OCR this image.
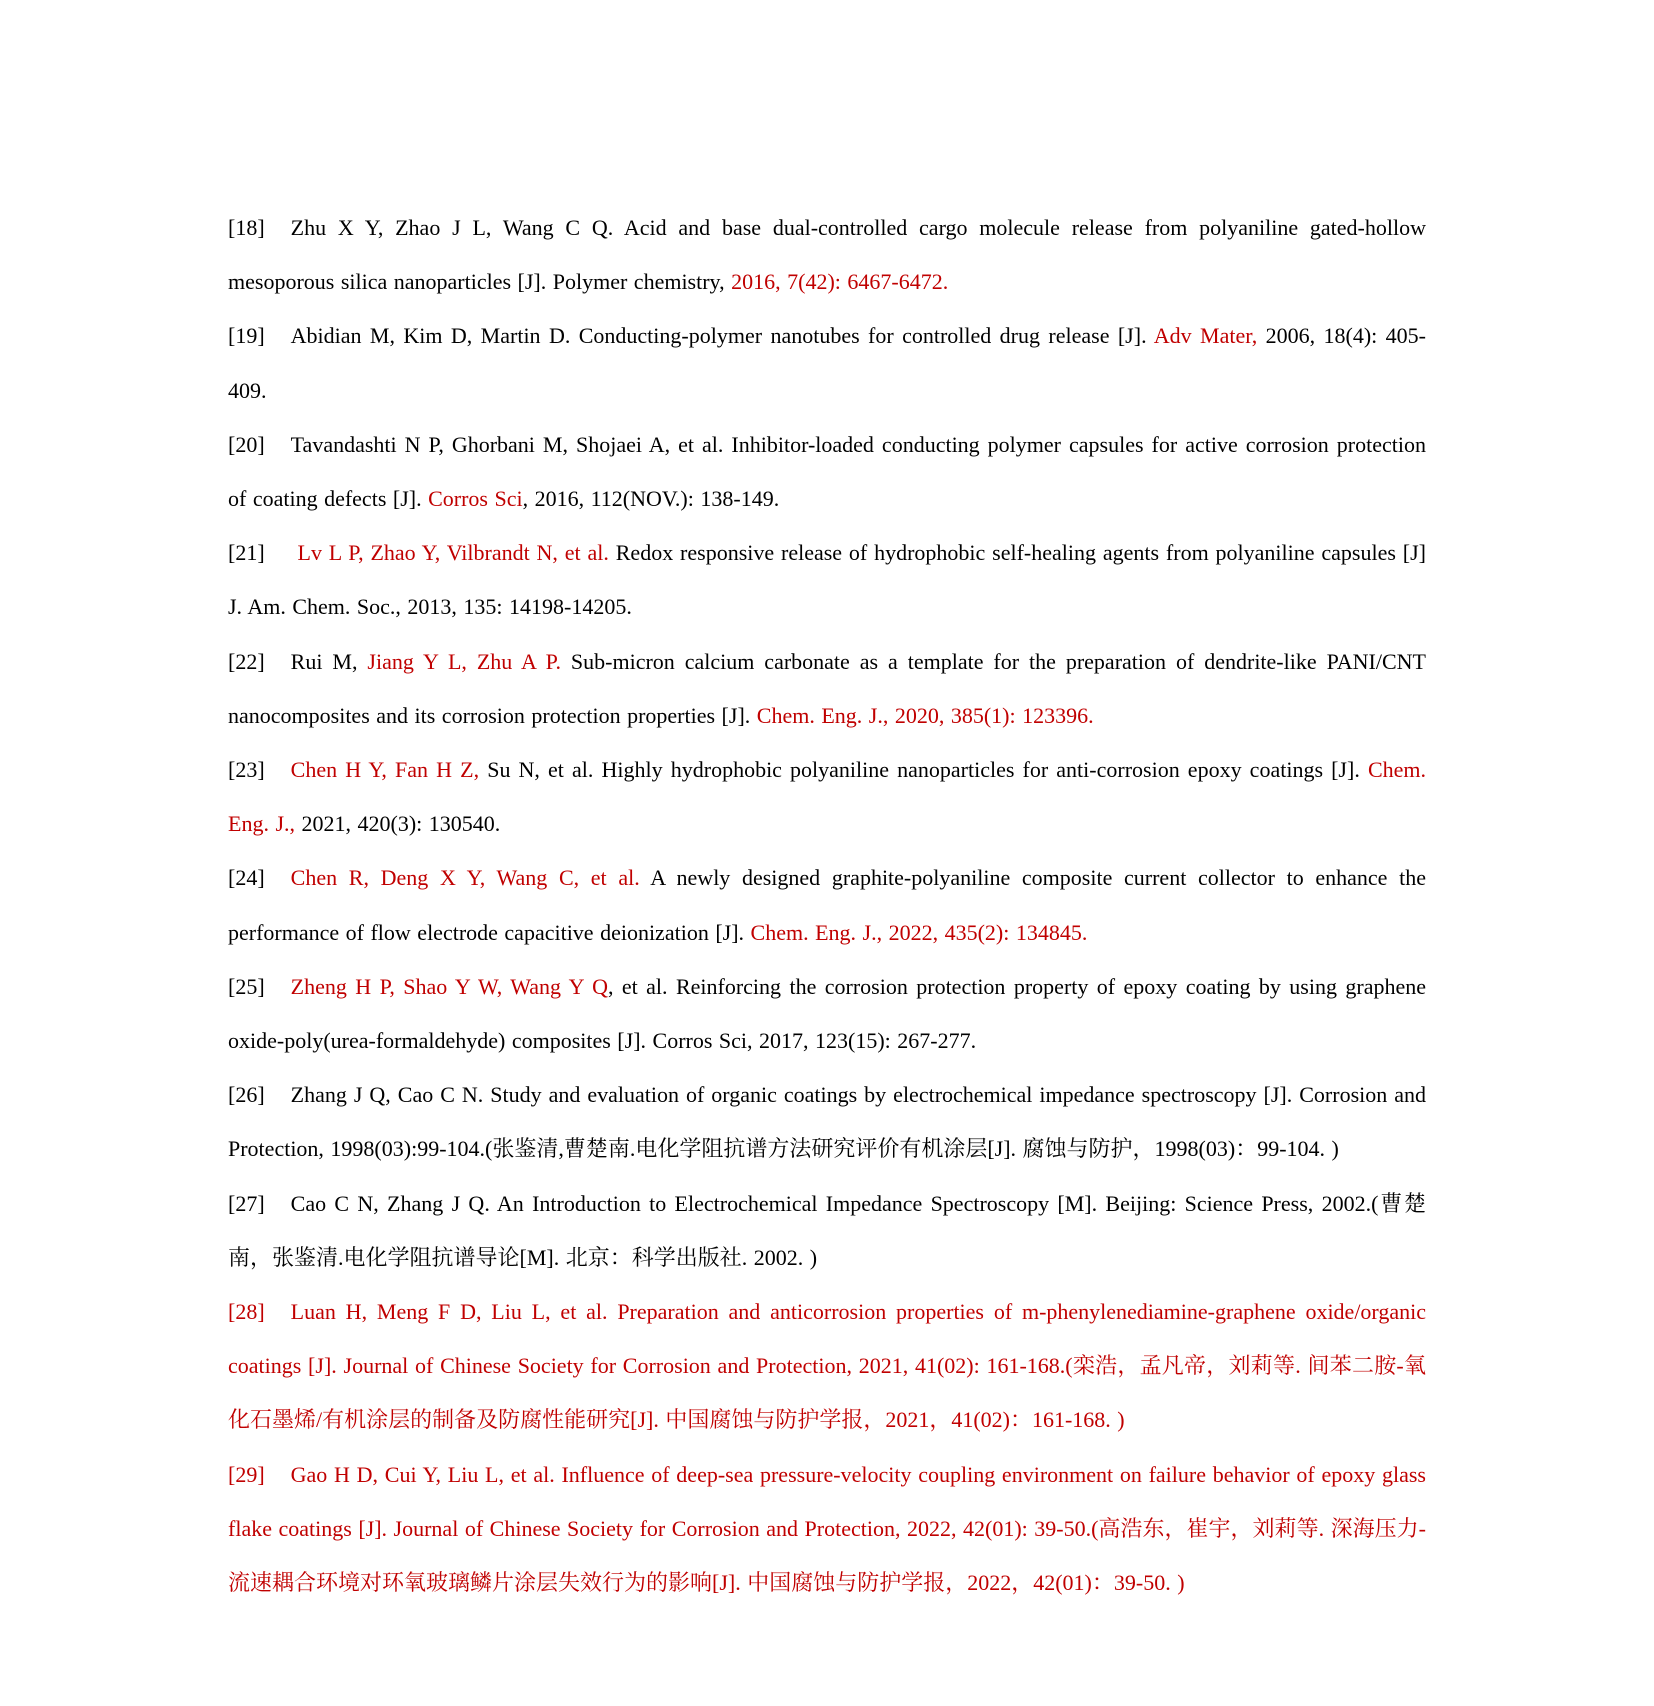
[18] Zhu X Y, Zhao J L, Wang C Q. Acid and base dual-controlled cargo molecule release from polyaniline gated-hollow mesoporous silica nanoparticles [J]. Polymer chemistry, 2016, 7(42): 6467-6472.

[19] Abidian M, Kim D, Martin D. Conducting-polymer nanotubes for controlled drug release [J]. Adv Mater, 2006, 18(4): 405-409.

[20] Tavandashti N P, Ghorbani M, Shojaei A, et al. Inhibitor-loaded conducting polymer capsules for active corrosion protection of coating defects [J]. Corros Sci, 2016, 112(NOV.): 138-149.

[21] Lv L P, Zhao Y, Vilbrandt N, et al. Redox responsive release of hydrophobic self-healing agents from polyaniline capsules [J] J. Am. Chem. Soc., 2013, 135: 14198-14205.

[22] Rui M, Jiang Y L, Zhu A P. Sub-micron calcium carbonate as a template for the preparation of dendrite-like PANI/CNT nanocomposites and its corrosion protection properties [J]. Chem. Eng. J., 2020, 385(1): 123396.

[23] Chen H Y, Fan H Z, Su N, et al. Highly hydrophobic polyaniline nanoparticles for anti-corrosion epoxy coatings [J]. Chem. Eng. J., 2021, 420(3): 130540.

[24] Chen R, Deng X Y, Wang C, et al. A newly designed graphite-polyaniline composite current collector to enhance the performance of flow electrode capacitive deionization [J]. Chem. Eng. J., 2022, 435(2): 134845.

[25] Zheng H P, Shao Y W, Wang Y Q, et al. Reinforcing the corrosion protection property of epoxy coating by using graphene oxide-poly(urea-formaldehyde) composites [J]. Corros Sci, 2017, 123(15): 267-277.

[26] Zhang J Q, Cao C N. Study and evaluation of organic coatings by electrochemical impedance spectroscopy [J]. Corrosion and Protection, 1998(03):99-104.(张鉴清,曹楚南.电化学阻抗谱方法研究评价有机涂层[J]. 腐蚀与防护，1998(03)：99-104. )

[27] Cao C N, Zhang J Q. An Introduction to Electrochemical Impedance Spectroscopy [M]. Beijing: Science Press, 2002.(曹楚南，张鉴清.电化学阻抗谱导论[M]. 北京：科学出版社. 2002. )

[28] Luan H, Meng F D, Liu L, et al. Preparation and anticorrosion properties of m-phenylenediamine-graphene oxide/organic coatings [J]. Journal of Chinese Society for Corrosion and Protection, 2021, 41(02): 161-168.(栾浩，孟凡帝，刘莉等. 间苯二胺-氧化石墨烯/有机涂层的制备及防腐性能研究[J]. 中国腐蚀与防护学报，2021，41(02)：161-168. )

[29] Gao H D, Cui Y, Liu L, et al. Influence of deep-sea pressure-velocity coupling environment on failure behavior of epoxy glass flake coatings [J]. Journal of Chinese Society for Corrosion and Protection, 2022, 42(01): 39-50.(高浩东，崔宇，刘莉等. 深海压力-流速耦合环境对环氧玻璃鳞片涂层失效行为的影响[J]. 中国腐蚀与防护学报，2022，42(01)：39-50. )
